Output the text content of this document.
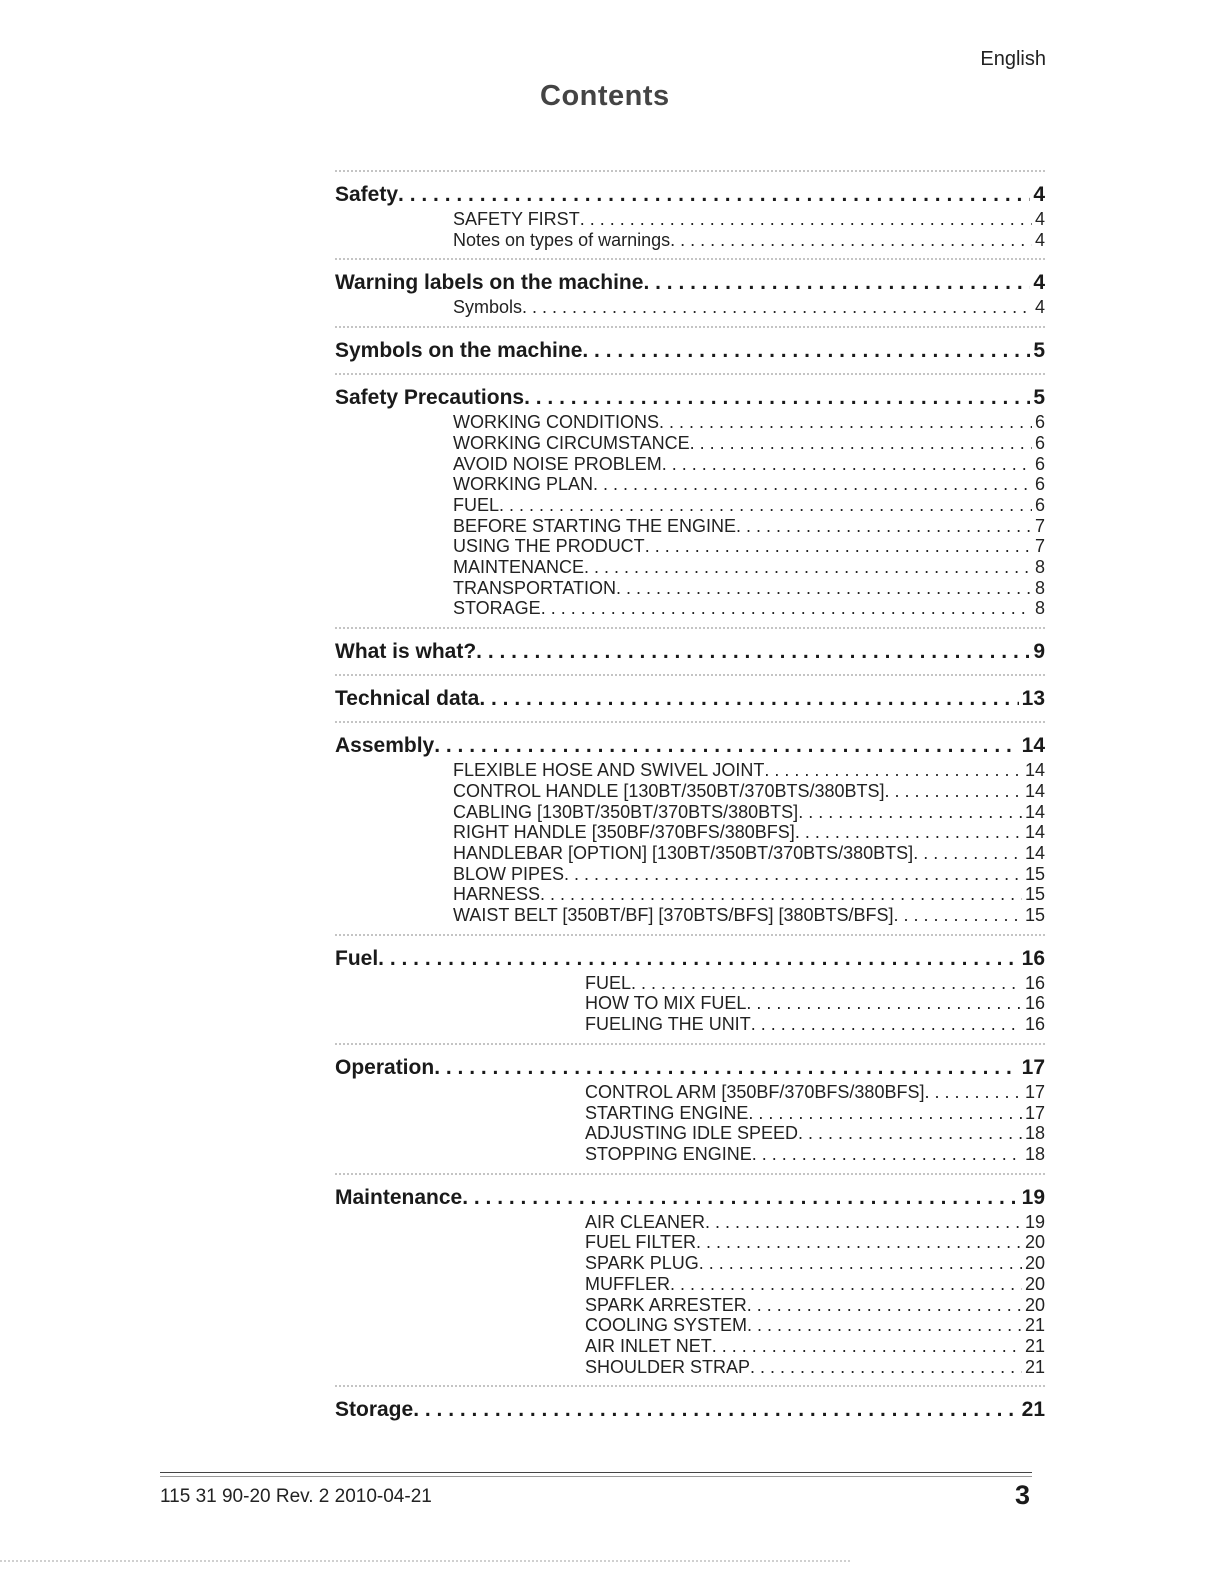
English
Contents
Safety . . .	4
SAFETY FIRST . . .	4
Notes on types of warnings . . .	4
Warning labels on the machine . . .	4
Symbols . . .	4
Symbols on the machine . . .	5
Safety Precautions . . .	5
WORKING CONDITIONS . . .	6
WORKING CIRCUMSTANCE . . .	6
AVOID NOISE PROBLEM . . .	6
WORKING PLAN . . .	6
FUEL . . .	6
BEFORE STARTING THE ENGINE . . .	7
USING THE PRODUCT . . .	7
MAINTENANCE . . .	8
TRANSPORTATION . . .	8
STORAGE . . .	8
What is what? . . .	9
Technical data . . .	13
Assembly . . .	14
FLEXIBLE HOSE AND SWIVEL JOINT . . .	14
CONTROL HANDLE [130BT/350BT/370BTS/380BTS] . . .	14
CABLING [130BT/350BT/370BTS/380BTS] . . .	14
RIGHT HANDLE [350BF/370BFS/380BFS] . . .	14
HANDLEBAR [OPTION] [130BT/350BT/370BTS/380BTS] . . .	14
BLOW PIPES . . .	15
HARNESS . . .	15
WAIST BELT [350BT/BF] [370BTS/BFS] [380BTS/BFS] . . .	15
Fuel . . .	16
FUEL . . .	16
HOW TO MIX FUEL . . .	16
FUELING THE UNIT . . .	16
Operation . . .	17
CONTROL ARM [350BF/370BFS/380BFS] . . .	17
STARTING ENGINE . . .	17
ADJUSTING IDLE SPEED . . .	18
STOPPING ENGINE . . .	18
Maintenance . . .	19
AIR CLEANER . . .	19
FUEL FILTER . . .	20
SPARK PLUG . . .	20
MUFFLER . . .	20
SPARK ARRESTER . . .	20
COOLING SYSTEM . . .	21
AIR INLET NET . . .	21
SHOULDER STRAP . . .	21
Storage . . .	21
115 31 90-20 Rev. 2 2010-04-21	3
